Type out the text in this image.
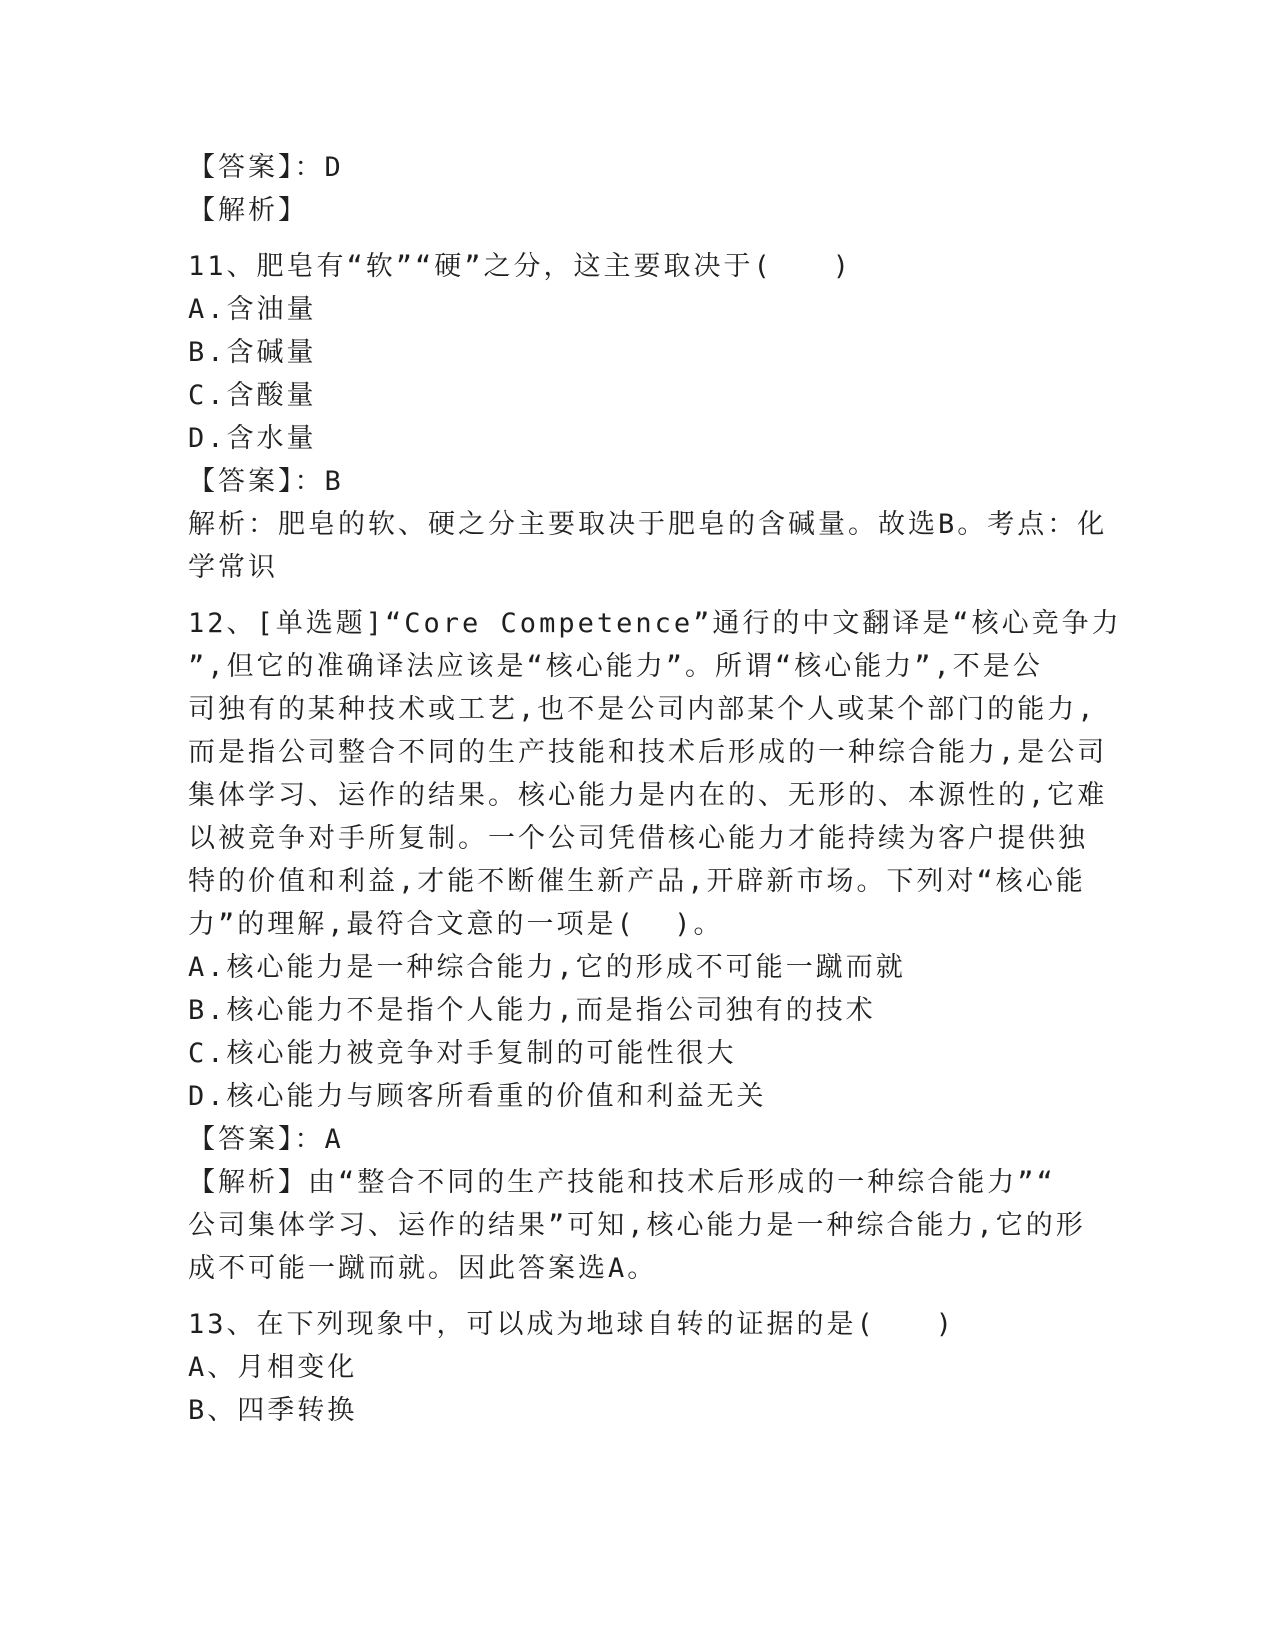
【答案】：D
【解析】
11、肥皂有“软”“硬”之分，这主要取决于(　　)
A.含油量
B.含碱量
C.含酸量
D.含水量
【答案】：B
解析：肥皂的软、硬之分主要取决于肥皂的含碱量。故选B。考点：化
学常识
12、[单选题]“Core Competence”通行的中文翻译是“核心竞争力
”,但它的准确译法应该是“核心能力”。所谓“核心能力”,不是公
司独有的某种技术或工艺,也不是公司内部某个人或某个部门的能力,
而是指公司整合不同的生产技能和技术后形成的一种综合能力,是公司
集体学习、运作的结果。核心能力是内在的、无形的、本源性的,它难
以被竞争对手所复制。一个公司凭借核心能力才能持续为客户提供独
特的价值和利益,才能不断催生新产品,开辟新市场。下列对“核心能
力”的理解,最符合文意的一项是(  )。
A.核心能力是一种综合能力,它的形成不可能一蹴而就
B.核心能力不是指个人能力,而是指公司独有的技术
C.核心能力被竞争对手复制的可能性很大
D.核心能力与顾客所看重的价值和利益无关
【答案】：A
【解析】由“整合不同的生产技能和技术后形成的一种综合能力”“
公司集体学习、运作的结果”可知,核心能力是一种综合能力,它的形
成不可能一蹴而就。因此答案选A。
13、在下列现象中，可以成为地球自转的证据的是(　　)
A、月相变化
B、四季转换
